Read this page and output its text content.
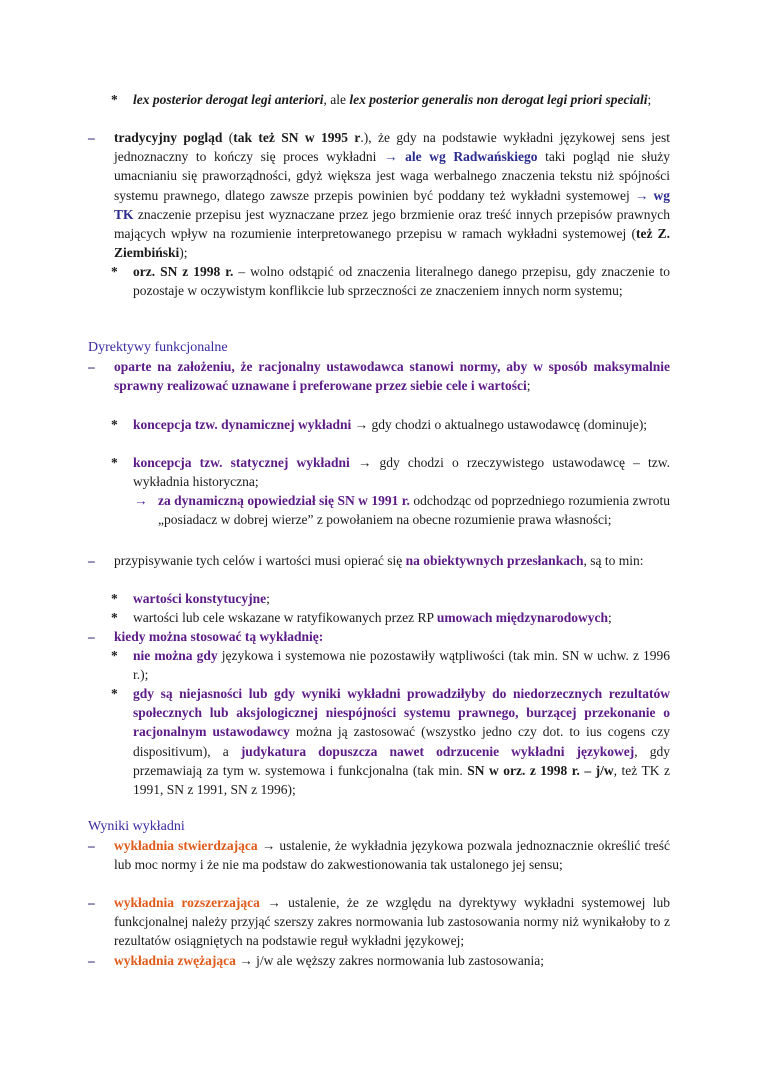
* lex posterior derogat legi anteriori, ale lex posterior generalis non derogat legi priori speciali;
– tradycyjny pogląd (tak też SN w 1995 r.), że gdy na podstawie wykładni językowej sens jest jednoznaczny to kończy się proces wykładni → ale wg Radwańskiego taki pogląd nie służy umacnianiu się praworządności, gdyż większa jest waga werbalnego znaczenia tekstu niż spójności systemu prawnego, dlatego zawsze przepis powinien być poddany też wykładni systemowej → wg TK znaczenie przepisu jest wyznaczane przez jego brzmienie oraz treść innych przepisów prawnych mających wpływ na rozumienie interpretowanego przepisu w ramach wykładni systemowej (też Z. Ziembiński);
* orz. SN z 1998 r. – wolno odstąpić od znaczenia literalnego danego przepisu, gdy znaczenie to pozostaje w oczywistym konflikcie lub sprzeczności ze znaczeniem innych norm systemu;
Dyrektywy funkcjonalne
– oparte na założeniu, że racjonalny ustawodawca stanowi normy, aby w sposób maksymalnie sprawny realizować uznawane i preferowane przez siebie cele i wartości;
* koncepcja tzw. dynamicznej wykładni → gdy chodzi o aktualnego ustawodawcę (dominuje);
* koncepcja tzw. statycznej wykładni → gdy chodzi o rzeczywistego ustawodawcę – tzw. wykładnia historyczna;
→ za dynamiczną opowiedział się SN w 1991 r. odchodząc od poprzedniego rozumienia zwrotu „posiadacz w dobrej wierze” z powołaniem na obecne rozumienie prawa własności;
– przypisywanie tych celów i wartości musi opierać się na obiektywnych przesłankach, są to min:
* wartości konstytucyjne;
* wartości lub cele wskazane w ratyfikowanych przez RP umowach międzynarodowych;
– kiedy można stosować tą wykładnię:
* nie można gdy językowa i systemowa nie pozostawiły wątpliwości (tak min. SN w uchw. z 1996 r.);
* gdy są niejasności lub gdy wyniki wykładni prowadziłyby do niedorzecznych rezultatów społecznych lub aksjologicznej niespójności systemu prawnego, burzącej przekonanie o racjonalnym ustawodawcy można ją zastosować (wszystko jedno czy dot. to ius cogens czy dispositivum), a judykatura dopuszcza nawet odrzucenie wykładni językowej, gdy przemawiają za tym w. systemowa i funkcjonalna (tak min. SN w orz. z 1998 r. – j/w, też TK z 1991, SN z 1991, SN z 1996);
Wyniki wykładni
– wykładnia stwierdzająca → ustalenie, że wykładnia językowa pozwala jednoznacznie określić treść lub moc normy i że nie ma podstaw do zakwestionowania tak ustalonego jej sensu;
– wykładnia rozszerzająca → ustalenie, że ze względu na dyrektywy wykładni systemowej lub funkcjonalnej należy przyjąć szerszy zakres normowania lub zastosowania normy niż wynikałoby to z rezultatów osiągniętych na podstawie reguł wykładni językowej;
– wykładnia zwężająca → j/w ale węższy zakres normowania lub zastosowania;
